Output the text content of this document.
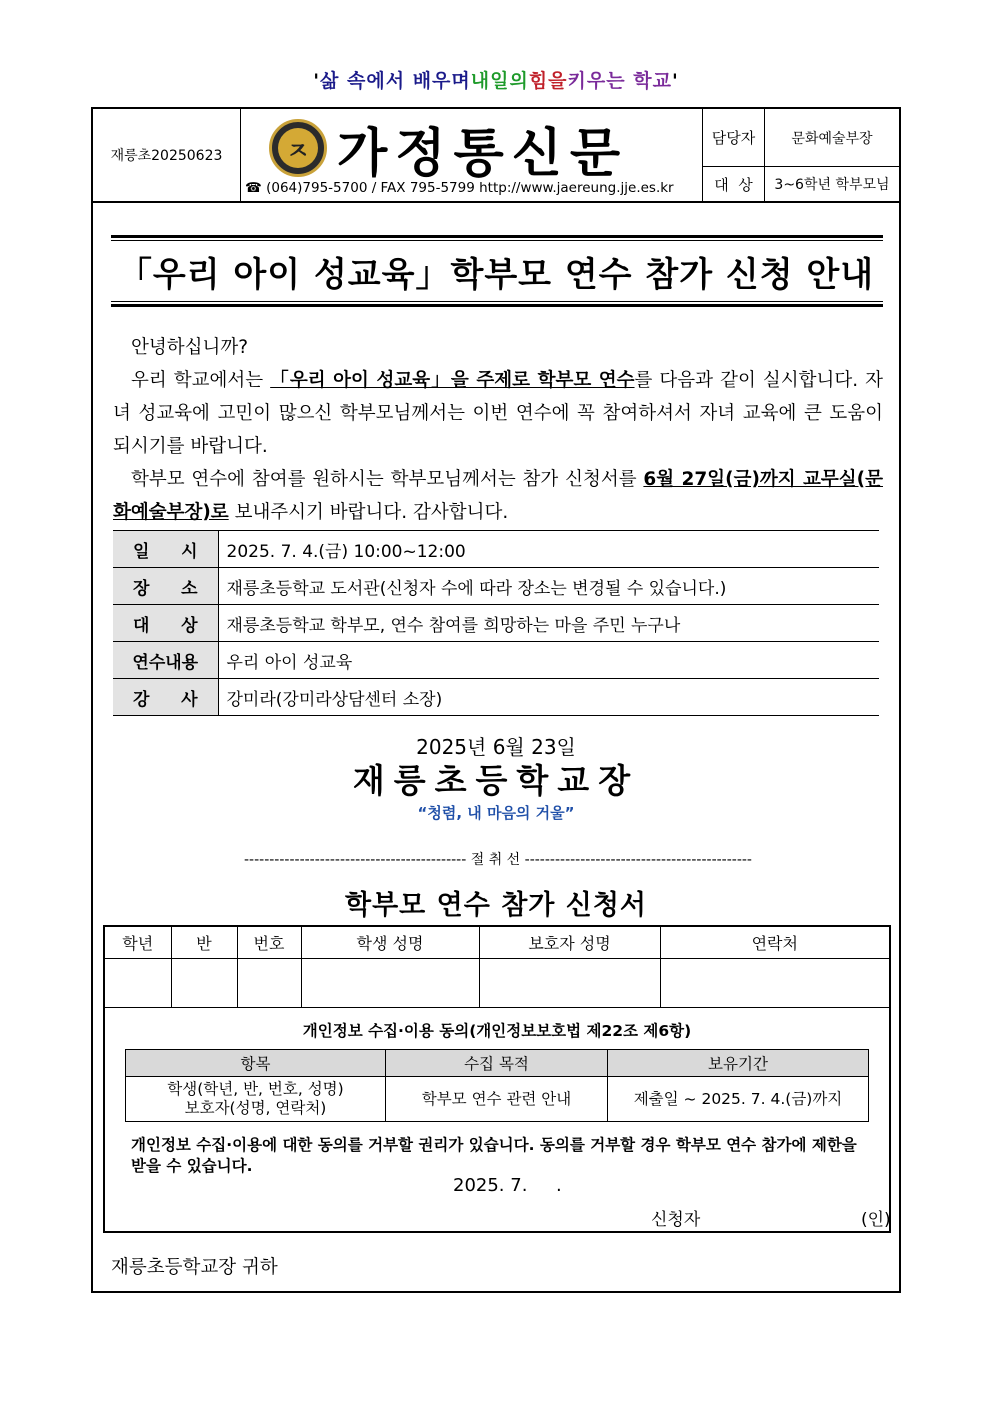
'삶 속에서 배우며내일의힘을키우는 학교'
재릉초20250623	ㅈ 가정통신문
☎ (064)795-5700 / FAX 795-5799 http://www.jaereung.jje.es.kr
담당자	문화예술부장
대  상	3~6학년 학부모님
「우리 아이 성교육」학부모 연수 참가 신청 안내

안녕하십니까?

우리 학교에서는 「우리 아이 성교육」을 주제로 학부모 연수를 다음과 같이 실시합니다. 자녀 성교육에 고민이 많으신 학부모님께서는 이번 연수에 꼭 참여하셔서 자녀 교육에 큰 도움이 되시기를 바랍니다.

학부모 연수에 참여를 원하시는 학부모님께서는 참가 신청서를 6월 27일(금)까지 교무실(문화예술부장)로 보내주시기 바랍니다. 감사합니다.

일 시	2025. 7. 4.(금) 10:00~12:00

장 소	재릉초등학교 도서관(신청자 수에 따라 장소는 변경될 수 있습니다.)

대 상	재릉초등학교 학부모, 연수 참여를 희망하는 마을 주민 누구나
연수내용	우리 아이 성교육

강 사	강미라(강미라상담센터 소장)
2025년 6월 23일
재릉초등학교장
“청렴, 내 마음의 거울”
-------------------------------------------- 절 취 선 ---------------------------------------------
학부모 연수 참가 신청서
학년	반	번호	학생 성명	보호자 성명	연락처

개인정보 수집·이용 동의(개인정보보호법 제22조 제6항)
항목	수집 목적	보유기간

학생(학년, 반, 번호, 성명)
보호자(성명, 연락처)	학부모 연수 관련 안내	제출일 ~ 2025. 7. 4.(금)까지
개인정보 수집·이용에 대한 동의를 거부할 권리가 있습니다. 동의를 거부할 경우 학부모 연수 참가에 제한을 받을 수 있습니다.
2025. 7.     .
신청자	(인)
재릉초등학교장 귀하
